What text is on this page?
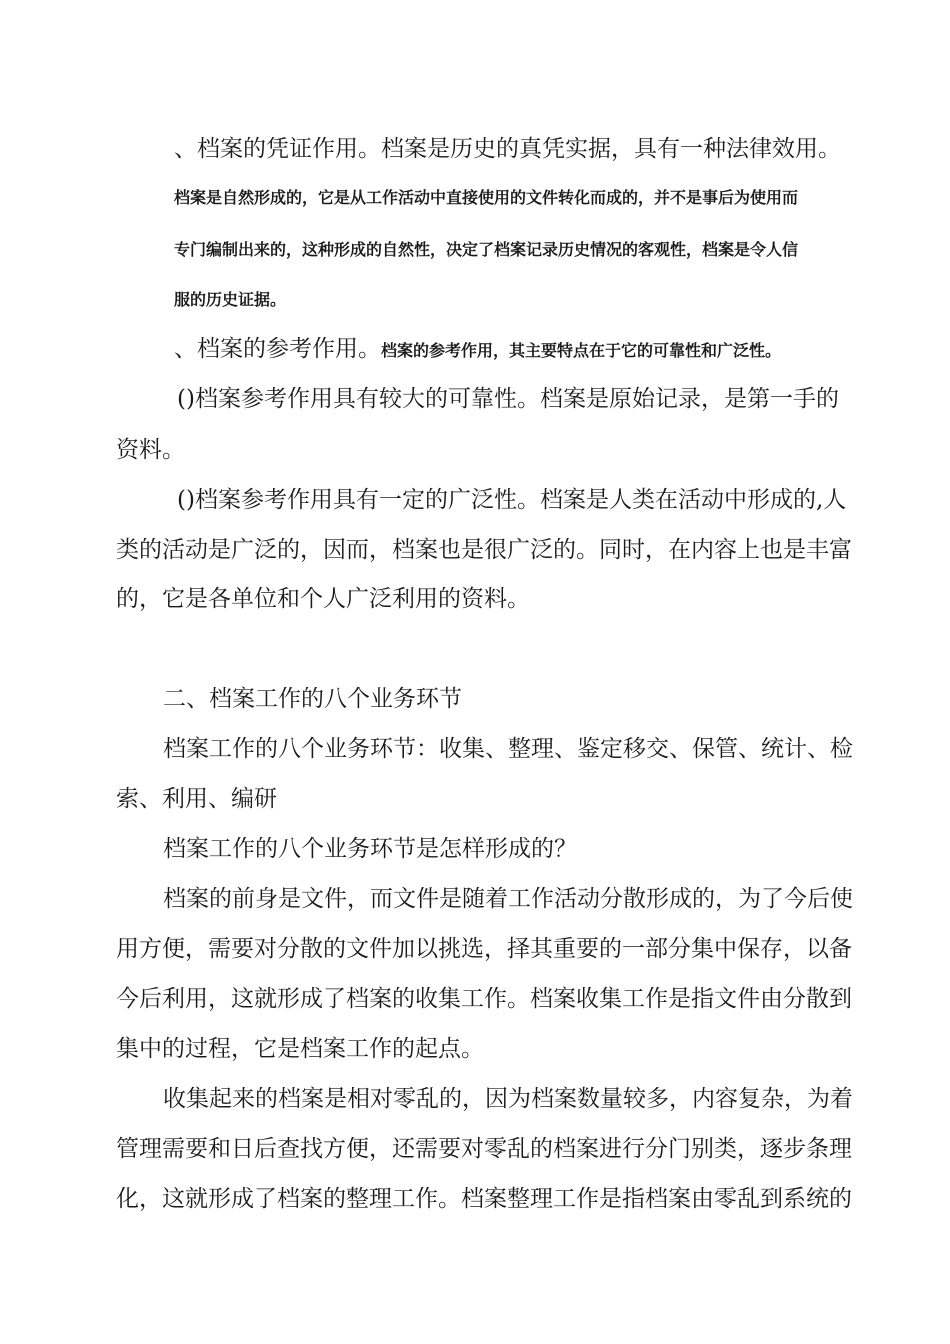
、档案的凭证作用。档案是历史的真凭实据，具有一种法律效用。
档案是自然形成的，它是从工作活动中直接使用的文件转化而成的，并不是事后为使用而
专门编制出来的，这种形成的自然性，决定了档案记录历史情况的客观性，档案是令人信
服的历史证据。
、档案的参考作用。档案的参考作用，其主要特点在于它的可靠性和广泛性。
()档案参考作用具有较大的可靠性。档案是原始记录，是第一手的
资料。
()档案参考作用具有一定的广泛性。档案是人类在活动中形成的,人
类的活动是广泛的，因而，档案也是很广泛的。同时，在内容上也是丰富
的，它是各单位和个人广泛利用的资料。
二、档案工作的八个业务环节
档案工作的八个业务环节：收集、整理、鉴定移交、保管、统计、检
索、利用、编研
档案工作的八个业务环节是怎样形成的？
档案的前身是文件，而文件是随着工作活动分散形成的，为了今后使
用方便，需要对分散的文件加以挑选，择其重要的一部分集中保存，以备
今后利用，这就形成了档案的收集工作。档案收集工作是指文件由分散到
集中的过程，它是档案工作的起点。
收集起来的档案是相对零乱的，因为档案数量较多，内容复杂，为着
管理需要和日后查找方便，还需要对零乱的档案进行分门别类，逐步条理
化，这就形成了档案的整理工作。档案整理工作是指档案由零乱到系统的
